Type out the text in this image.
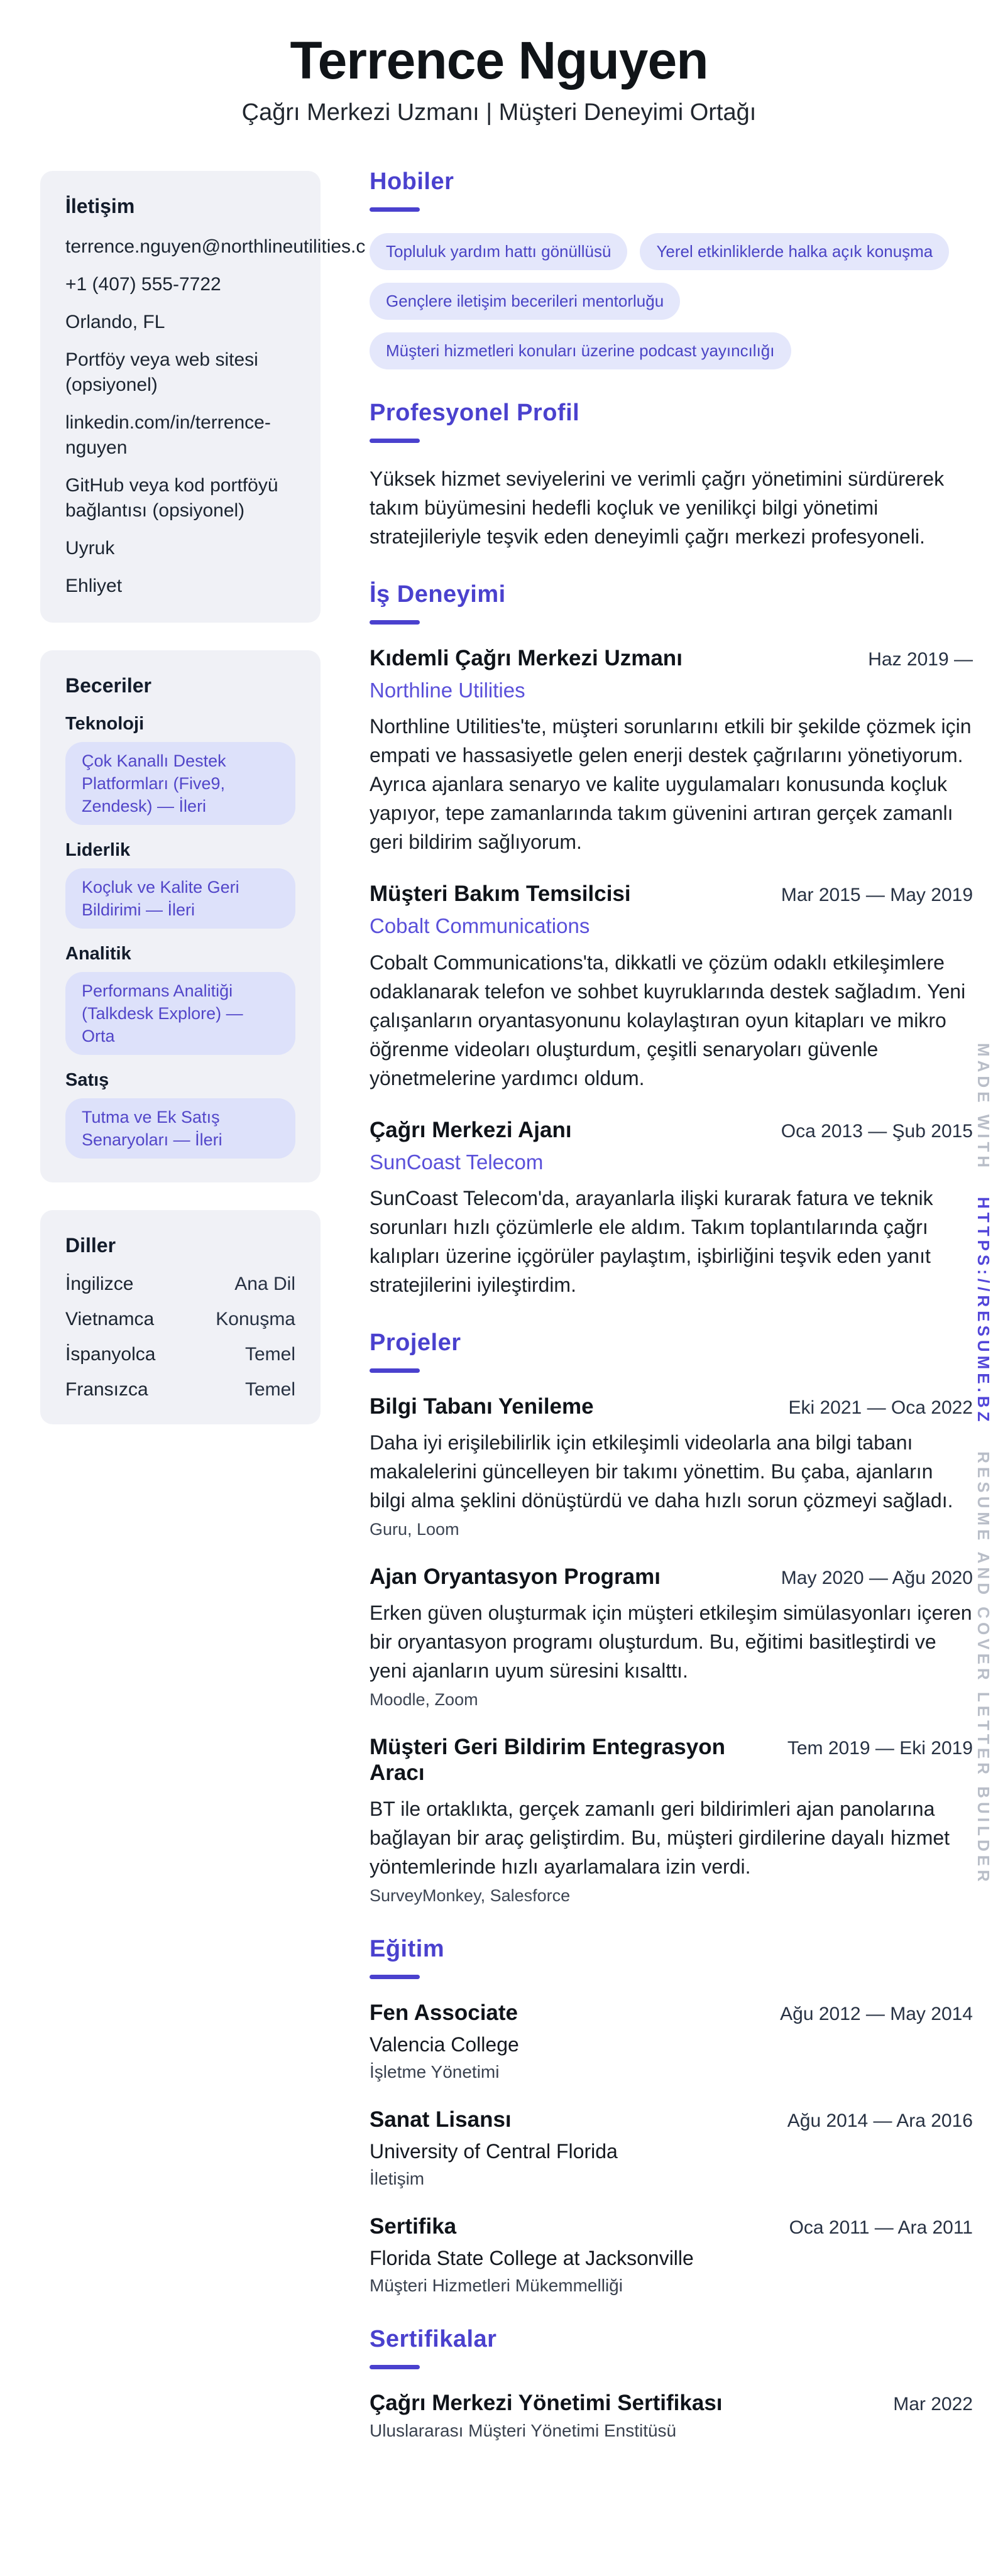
Terrence Nguyen
Çağrı Merkezi Uzmanı | Müşteri Deneyimi Ortağı
İletişim
terrence.nguyen@northlineutilities.c
+1 (407) 555-7722
Orlando, FL
Portföy veya web sitesi (opsiyonel)
linkedin.com/in/terrence-nguyen
GitHub veya kod portföyü bağlantısı (opsiyonel)
Uyruk
Ehliyet
Beceriler
Teknoloji
Çok Kanallı Destek Platformları (Five9, Zendesk) — İleri
Liderlik
Koçluk ve Kalite Geri Bildirimi — İleri
Analitik
Performans Analitiği (Talkdesk Explore) — Orta
Satış
Tutma ve Ek Satış Senaryoları — İleri
Diller
İngilizce	Ana Dil
Vietnamca	Konuşma
İspanyolca	Temel
Fransızca	Temel
Hobiler
Topluluk yardım hattı gönüllüsü	Yerel etkinliklerde halka açık konuşma
Gençlere iletişim becerileri mentorluğu
Müşteri hizmetleri konuları üzerine podcast yayıncılığı
Profesyonel Profil
Yüksek hizmet seviyelerini ve verimli çağrı yönetimini sürdürerek takım büyümesini hedefli koçluk ve yenilikçi bilgi yönetimi stratejileriyle teşvik eden deneyimli çağrı merkezi profesyoneli.
İş Deneyimi
Kıdemli Çağrı Merkezi Uzmanı	Haz 2019 —
Northline Utilities
Northline Utilities'te, müşteri sorunlarını etkili bir şekilde çözmek için empati ve hassasiyetle gelen enerji destek çağrılarını yönetiyorum. Ayrıca ajanlara senaryo ve kalite uygulamaları konusunda koçluk yapıyor, tepe zamanlarında takım güvenini artıran gerçek zamanlı geri bildirim sağlıyorum.
Müşteri Bakım Temsilcisi	Mar 2015 — May 2019
Cobalt Communications
Cobalt Communications'ta, dikkatli ve çözüm odaklı etkileşimlere odaklanarak telefon ve sohbet kuyruklarında destek sağladım. Yeni çalışanların oryantasyonunu kolaylaştıran oyun kitapları ve mikro öğrenme videoları oluşturdum, çeşitli senaryoları güvenle yönetmelerine yardımcı oldum.
Çağrı Merkezi Ajanı	Oca 2013 — Şub 2015
SunCoast Telecom
SunCoast Telecom'da, arayanlarla ilişki kurarak fatura ve teknik sorunları hızlı çözümlerle ele aldım. Takım toplantılarında çağrı kalıpları üzerine içgörüler paylaştım, işbirliğini teşvik eden yanıt stratejilerini iyileştirdim.
Projeler
Bilgi Tabanı Yenileme	Eki 2021 — Oca 2022
Daha iyi erişilebilirlik için etkileşimli videolarla ana bilgi tabanı makalelerini güncelleyen bir takımı yönettim. Bu çaba, ajanların bilgi alma şeklini dönüştürdü ve daha hızlı sorun çözmeyi sağladı.
Guru, Loom
Ajan Oryantasyon Programı	May 2020 — Ağu 2020
Erken güven oluşturmak için müşteri etkileşim simülasyonları içeren bir oryantasyon programı oluşturdum. Bu, eğitimi basitleştirdi ve yeni ajanların uyum süresini kısalttı.
Moodle, Zoom
Müşteri Geri Bildirim Entegrasyon Aracı
Tem 2019 — Eki 2019
BT ile ortaklıkta, gerçek zamanlı geri bildirimleri ajan panolarına bağlayan bir araç geliştirdim. Bu, müşteri girdilerine dayalı hizmet yöntemlerinde hızlı ayarlamalara izin verdi.
SurveyMonkey, Salesforce
Eğitim
Fen Associate	Ağu 2012 — May 2014
Valencia College
İşletme Yönetimi
Sanat Lisansı	Ağu 2014 — Ara 2016
University of Central Florida
İletişim
Sertifika	Oca 2011 — Ara 2011
Florida State College at Jacksonville
Müşteri Hizmetleri Mükemmelliği
Sertifikalar
Çağrı Merkezi Yönetimi Sertifikası	Mar 2022
Uluslararası Müşteri Yönetimi Enstitüsü
MADE WITH HTTPS://RESUME.BZ RESUME AND COVER LETTER BUILDER
